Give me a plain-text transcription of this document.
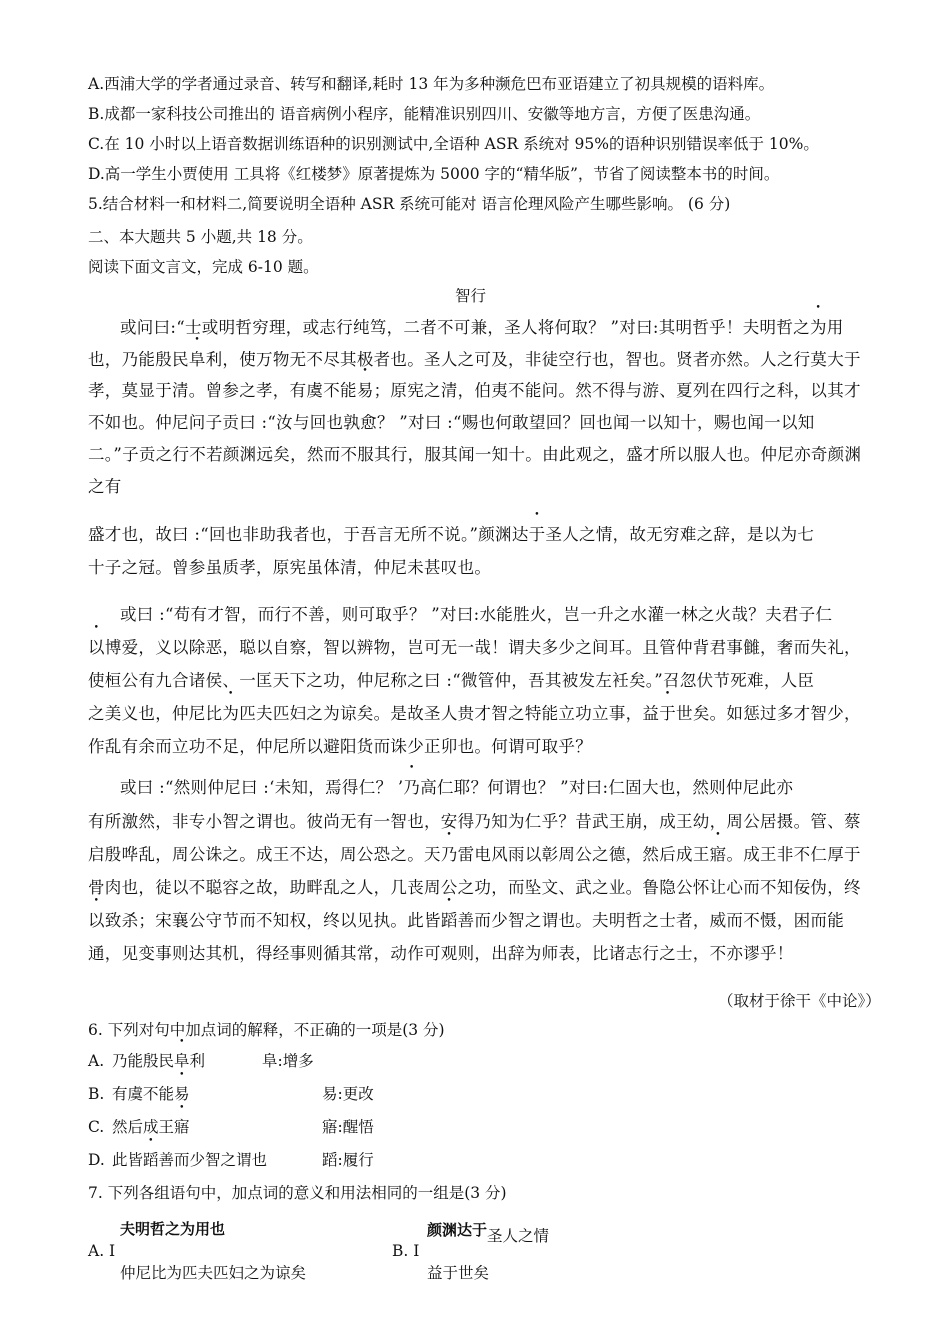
A.西浦大学的学者通过录音、转写和翻译,耗时 13 年为多种濒危巴布亚语建立了初具规模的语料库。
B.成都一家科技公司推出的 语音病例小程序，能精准识别四川、安徽等地方言，方便了医患沟通。
C.在 10 小时以上语音数据训练语种的识别测试中,全语种 ASR 系统对 95%的语种识别错误率低于 10%。
D.高一学生小贾使用 工具将《红楼梦》原著提炼为 5000 字的“精华版”，节省了阅读整本书的时间。
5.结合材料一和材料二,简要说明全语种 ASR 系统可能对 语言伦理风险产生哪些影响。 (6 分)
二、本大题共 5 小题,共 18 分。
阅读下面文言文，完成 6-10 题。
智行
或问曰:“士或明哲穷理，或志行纯笃，二者不可兼，圣人将何取？ ”对曰:其明哲乎！夫明哲之为用
也，乃能殷民阜利，使万物无不尽其极者也。圣人之可及，非徒空行也，智也。贤者亦然。人之行莫大于
孝，莫显于清。曾参之孝，有虞不能易；原宪之清，伯夷不能问。然不得与游、夏列在四行之科，以其才
不如也。仲尼问子贡曰 :“汝与回也孰愈？ ”对曰 :“赐也何敢望回？回也闻一以知十，赐也闻一以知
二。”子贡之行不若颜渊远矣，然而不服其行，服其闻一知十。由此观之，盛才所以服人也。仲尼亦奇颜渊
之有
盛才也，故曰 :“回也非助我者也，于吾言无所不说。”颜渊达于圣人之情，故无穷难之辞，是以为七
十子之冠。曾参虽质孝，原宪虽体清，仲尼未甚叹也。
或曰 :“苟有才智，而行不善，则可取乎？ ”对曰:水能胜火，岂一升之水灌一林之火哉？夫君子仁
以博爱，义以除恶，聪以自察，智以辨物，岂可无一哉！谓夫多少之间耳。且管仲背君事雠，奢而失礼，
使桓公有九合诸侯、一匡天下之功，仲尼称之曰 :“微管仲，吾其被发左衽矣。”召忽伏节死难，人臣
之美义也，仲尼比为匹夫匹妇之为谅矣。是故圣人贵才智之特能立功立事，益于世矣。如惩过多才智少，
作乱有余而立功不足，仲尼所以避阳货而诛少正卯也。何谓可取乎？
或曰 :“然则仲尼曰 :‘未知，焉得仁？ ’乃高仁耶？何谓也？ ”对曰:仁固大也，然则仲尼此亦
有所激然，非专小智之谓也。彼尚无有一智也，安得乃知为仁乎？昔武王崩，成王幼，周公居摄。管、蔡
启殷哗乱，周公诛之。成王不达，周公恐之。天乃雷电风雨以彰周公之德，然后成王寤。成王非不仁厚于
骨肉也，徒以不聪容之故，助畔乱之人，几丧周公之功，而坠文、武之业。鲁隐公怀让心而不知佞伪，终
以致杀；宋襄公守节而不知权，终以见执。此皆蹈善而少智之谓也。夫明哲之士者，威而不慑，困而能
通，见变事则达其机，得经事则循其常，动作可观则，出辞为师表，比诸志行之士，不亦谬乎！
（取材于徐干《中论》）
6. 下列对句中加点词的解释，不正确的一项是(3 分)
A. 乃能殷民阜利	阜:增多
B. 有虞不能易	易:更改
C. 然后成王寤	寤:醒悟
D. 此皆蹈善而少智之谓也	蹈:履行
7. 下列各组语句中，加点词的意义和用法相同的一组是(3 分)
夫明哲之为用也
A. I
仲尼比为匹夫匹妇之为谅矣
颜渊达于圣人之情
B. I
益于世矣
